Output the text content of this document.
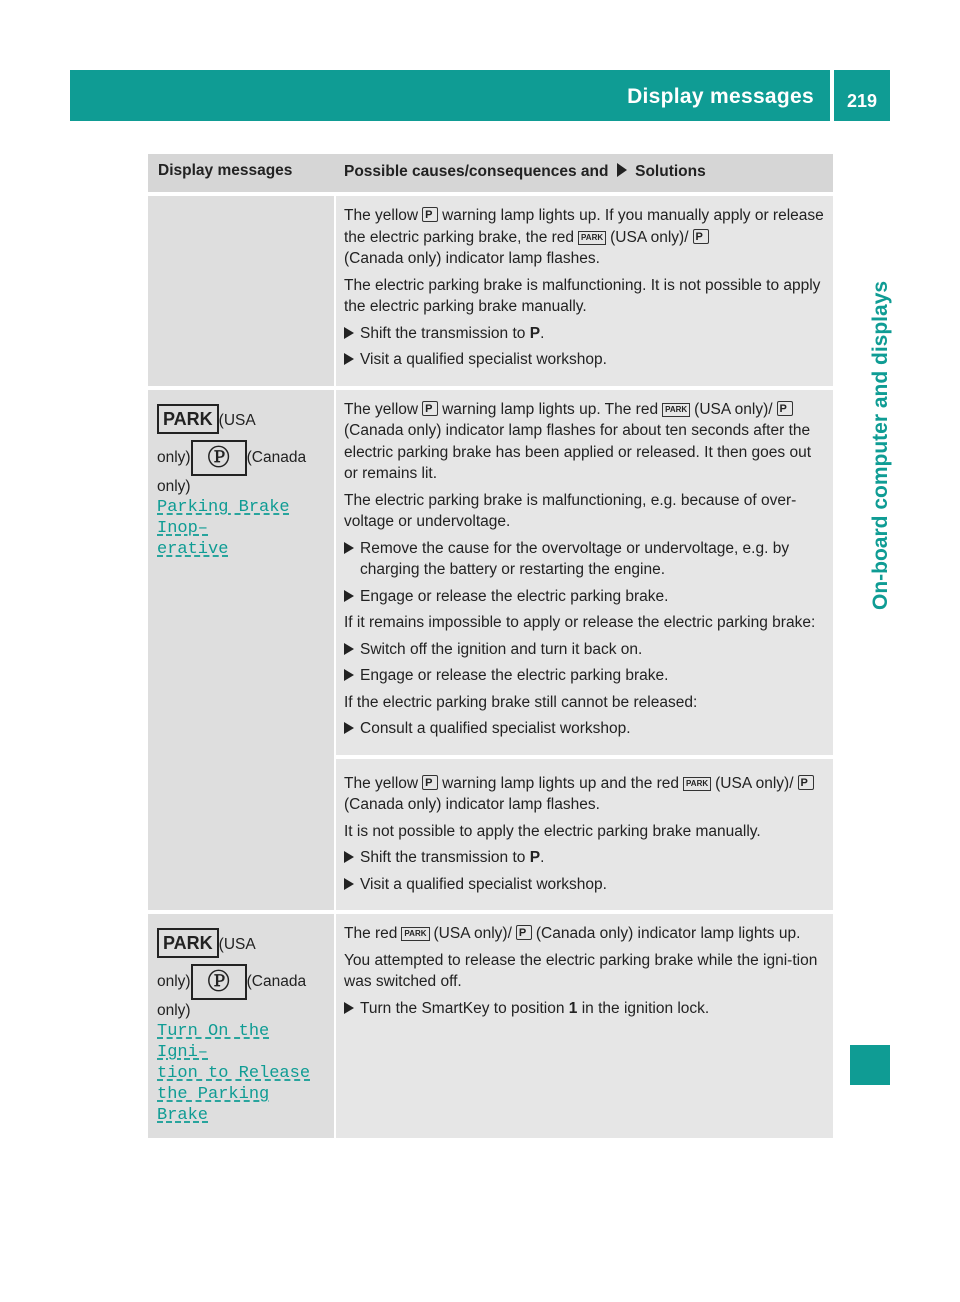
Display messages	219
On-board computer and displays
Display messages	Possible causes/consequences and Solutions

The yellow P warning lamp lights up. If you manually apply or release the electric parking brake, the red PARK (USA only)/P
(Canada only) indicator lamp flashes.

The electric parking brake is malfunctioning. It is not possible to apply the electric parking brake manually.

Shift the transmission to P.
Visit a qualified specialist workshop.
PARK (USA
only) Ⓟ (Canada
only)
Parking Brake Inop–
erative

The yellow P warning lamp lights up. The red PARK (USA only)/P(Canada only) indicator lamp flashes for about ten seconds after the electric parking brake has been applied or released. It then goes out or remains lit.

The electric parking brake is malfunctioning, e.g. because of over-voltage or undervoltage.

Remove the cause for the overvoltage or undervoltage, e.g. by charging the battery or restarting the engine.
Engage or release the electric parking brake.

If it remains impossible to apply or release the electric parking brake:

Switch off the ignition and turn it back on.
Engage or release the electric parking brake.

If the electric parking brake still cannot be released:

Consult a qualified specialist workshop.

The yellow P warning lamp lights up and the red PARK (USA only)/P(Canada only) indicator lamp flashes.

It is not possible to apply the electric parking brake manually.

Shift the transmission to P.
Visit a qualified specialist workshop.
PARK (USA
only) Ⓟ (Canada
only)
Turn On the Igni–
tion to Release
the Parking Brake

The red PARK (USA only)/ P (Canada only) indicator lamp lights up.

You attempted to release the electric parking brake while the igni-tion was switched off.

Turn the SmartKey to position 1 in the ignition lock.
